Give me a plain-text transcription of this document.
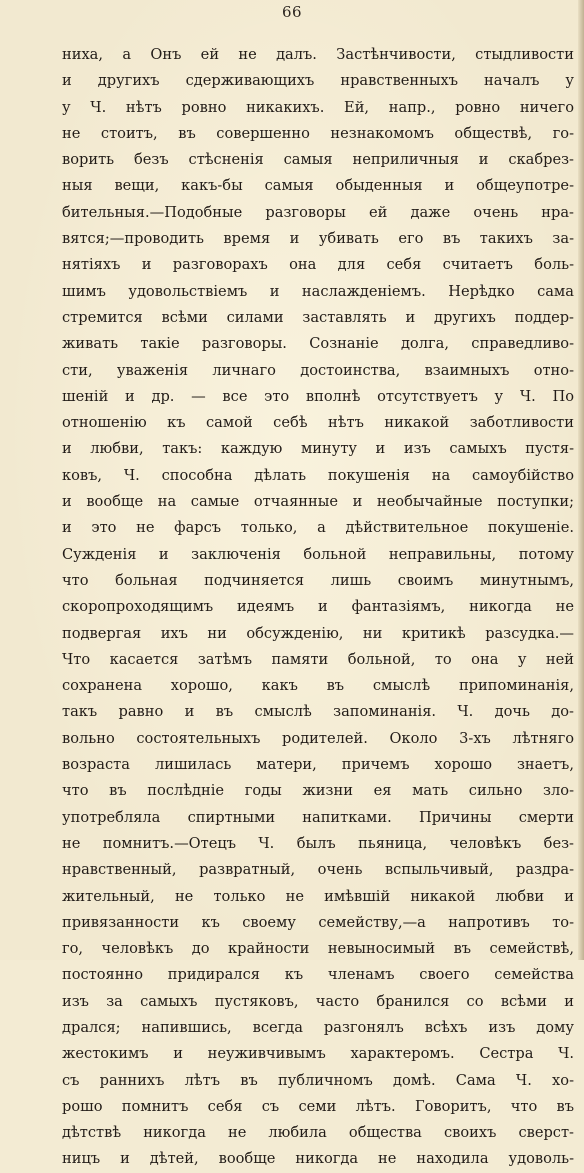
66
ниха, а Онъ ей не далъ. Застѣнчивости, стыдливости
и другихъ сдерживающихъ нравственныхъ началъ у
у Ч. нѣтъ ровно никакихъ. Ей, напр., ровно ничего
не стоитъ, въ совершенно незнакомомъ обществѣ, го-
ворить безъ стѣсненія самыя неприличныя и скабрез-
ныя вещи, какъ-бы самыя обыденныя и общеупотре-
бительныя.—Подобные разговоры ей даже очень нра-
вятся;—проводить время и убивать его въ такихъ за-
нятіяхъ и разговорахъ она для себя считаетъ боль-
шимъ удовольствіемъ и наслажденіемъ. Нерѣдко сама
стремится всѣми силами заставлять и другихъ поддер-
живать такіе разговоры. Сознаніе долга, справедливо-
сти, уваженія личнаго достоинства, взаимныхъ отно-
шеній и др. — все это вполнѣ отсутствуетъ у Ч. По
отношенію къ самой себѣ нѣтъ никакой заботливости
и любви, такъ: каждую минуту и изъ самыхъ пустя-
ковъ, Ч. способна дѣлать покушенія на самоубійство
и вообще на самые отчаянные и необычайные поступки;
и это не фарсъ только, а дѣйствительное покушеніе.
Сужденія и заключенія больной неправильны, потому
что больная подчиняется лишь своимъ минутнымъ,
скоропроходящимъ идеямъ и фантазіямъ, никогда не
подвергая ихъ ни обсужденію, ни критикѣ разсудка.—
Что касается затѣмъ памяти больной, то она у ней
сохранена хорошо, какъ въ смыслѣ припоминанія,
такъ равно и въ смыслѣ запоминанія. Ч. дочь до-
вольно состоятельныхъ родителей. Около 3-хъ лѣтняго
возраста лишилась матери, причемъ хорошо знаетъ,
что въ послѣдніе годы жизни ея мать сильно зло-
употребляла спиртными напитками. Причины смерти
не помнитъ.—Отецъ Ч. былъ пьяница, человѣкъ без-
нравственный, развратный, очень вспыльчивый, раздра-
жительный, не только не имѣвшій никакой любви и
привязанности къ своему семейству,—а напротивъ то-
го, человѣкъ до крайности невыносимый въ семействѣ,
постоянно придирался къ членамъ своего семейства
изъ за самыхъ пустяковъ, часто бранился со всѣми и
дрался; напившись, всегда разгонялъ всѣхъ изъ дому
жестокимъ и неуживчивымъ характеромъ. Сестра Ч.
съ раннихъ лѣтъ въ публичномъ домѣ. Сама Ч. хо-
рошо помнитъ себя съ семи лѣтъ. Говоритъ, что въ
дѣтствѣ никогда не любила общества своихъ сверст-
ницъ и дѣтей, вообще никогда не находила удоволь-
